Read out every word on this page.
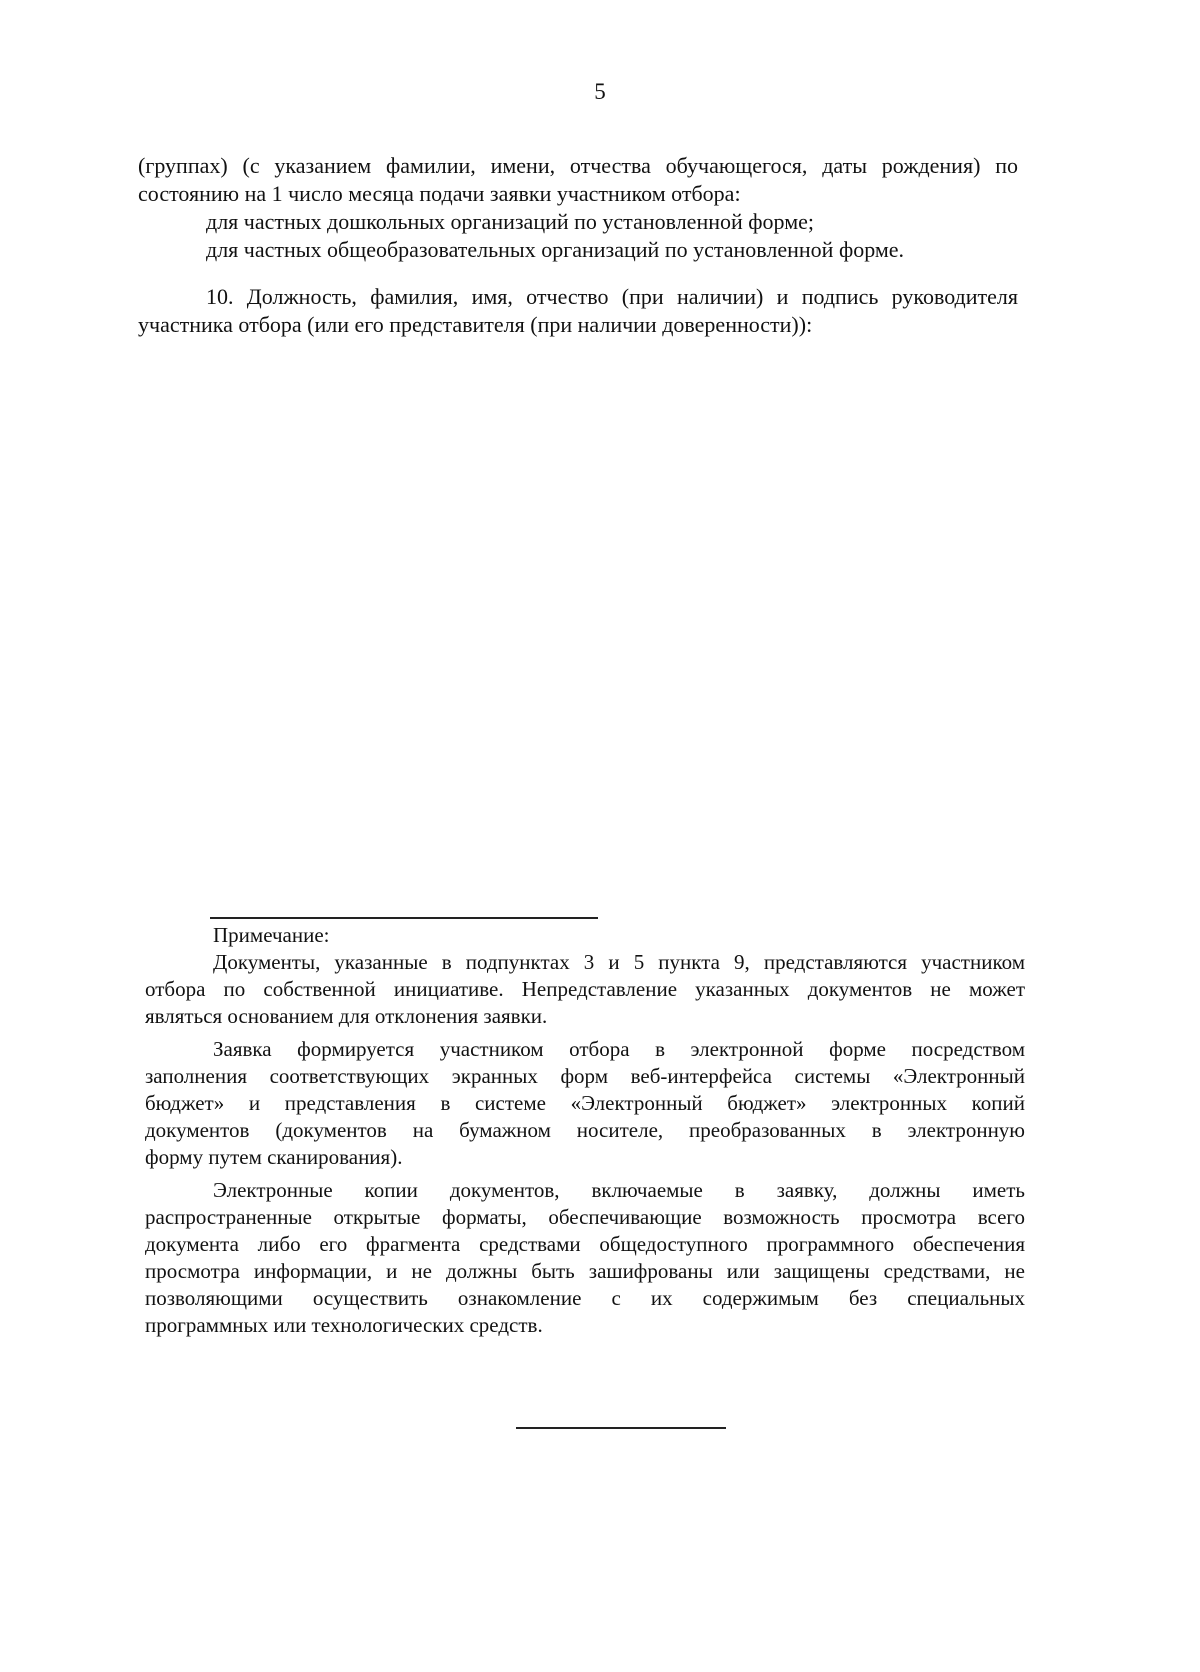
5
(группах) (с указанием фамилии, имени, отчества обучающегося, даты рождения) по
состоянию на 1 число месяца подачи заявки участником отбора:
для частных дошкольных организаций по установленной форме;
для частных общеобразовательных организаций по установленной форме.
10. Должность, фамилия, имя, отчество (при наличии) и подпись руководителя
участника отбора (или его представителя (при наличии доверенности)):
Примечание:
Документы, указанные в подпунктах 3 и 5 пункта 9, представляются участником
отбора по собственной инициативе. Непредставление указанных документов не может
являться основанием для отклонения заявки.
Заявка формируется участником отбора в электронной форме посредством
заполнения соответствующих экранных форм веб-интерфейса системы «Электронный
бюджет» и представления в системе «Электронный бюджет» электронных копий
документов (документов на бумажном носителе, преобразованных в электронную
форму путем сканирования).
Электронные копии документов, включаемые в заявку, должны иметь
распространенные открытые форматы, обеспечивающие возможность просмотра всего
документа либо его фрагмента средствами общедоступного программного обеспечения
просмотра информации, и не должны быть зашифрованы или защищены средствами, не
позволяющими осуществить ознакомление с их содержимым без специальных
программных или технологических средств.
